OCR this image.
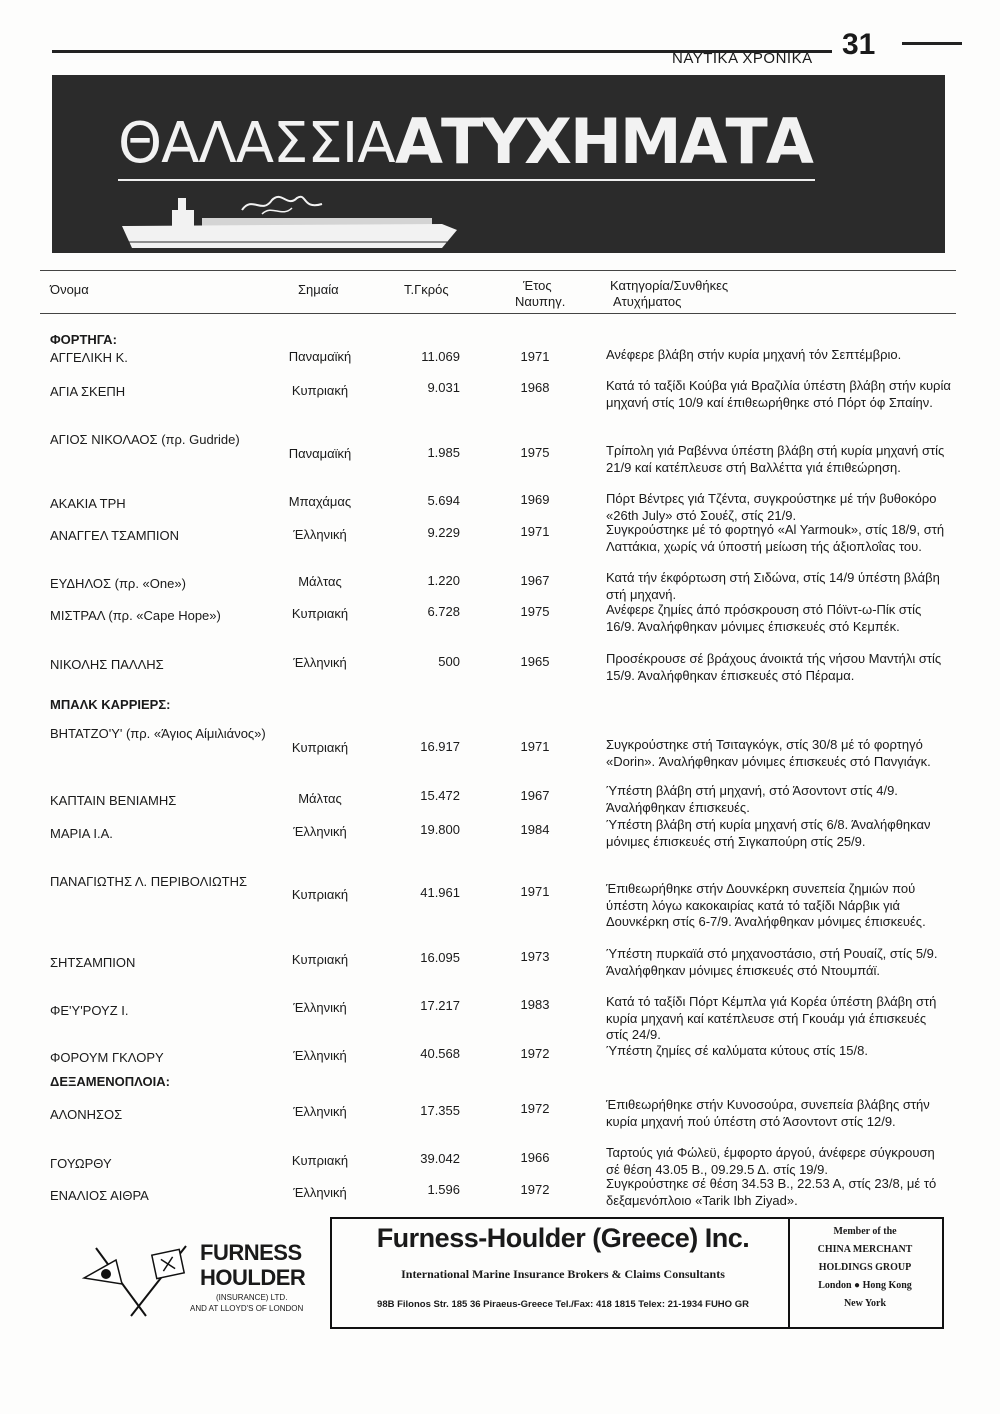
ΝΑΥΤΙΚΑ ΧΡΟΝΙΚΑ 31
ΘΑΛΑΣΣΙΑ ΑΤΥΧΗΜΑΤΑ
Όνομα	Σημαία	Τ.Γκρός	Έτος
Ναυπηγ.
Κατηγορία/Συνθήκες
Ατυχήματος
ΦΟΡΤΗΓΑ:
ΜΠΑΛΚ ΚΑΡΡΙΕΡΣ:
ΔΕΞΑΜΕΝΟΠΛΟΙΑ:
ΑΓΓΕΛΙΚΗ Κ.	Παναμαϊκή	11.069	1971	Ανέφερε βλάβη στήν κυρία μηχανή τόν Σεπτέμβριο.
ΑΓΙΑ ΣΚΕΠΗ	Κυπριακή	9.031	1968	Κατά τό ταξίδι Κούβα γιά Βραζιλία ύπέστη βλάβη στήν κυρία μηχανή στίς 10/9 καί έπιθεωρήθηκε στό Πόρτ όφ Σπαίην.
ΑΓΙΟΣ ΝΙΚΟΛΑΟΣ (πρ. Gudride)
Παναμαϊκή	1.985	1975	Τρίπολη γιά Ραβέννα ύπέστη βλάβη στή κυρία μηχανή στίς 21/9 καί κατέπλευσε στή Βαλλέττα γιά έπιθεώρηση.
ΑΚΑΚΙΑ ΤΡΗ	Μπαχάμας	5.694	1969	Πόρτ Βέντρες γιά Τζέντα, συγκρούστηκε μέ τήν βυθοκόρο «26th July» στό Σουέζ, στίς 21/9.
ΑΝΑΓΓΕΛ ΤΣΑΜΠΙΟΝ	Έλληνική	9.229	1971	Συγκρούστηκε μέ τό φορτηγό «Al Yarmouk», στίς 18/9, στή Λαττάκια, χωρίς νά ύποστή μείωση τής άξιοπλοΐας του.
ΕΥΔΗΛΟΣ (πρ. «One»)	Μάλτας	1.220	1967	Κατά τήν έκφόρτωση στή Σιδώνα, στίς 14/9 ύπέστη βλάβη στή μηχανή.
ΜΙΣΤΡΑΛ (πρ. «Cape Hope»)	Κυπριακή	6.728	1975	Ανέφερε ζημίες άπό πρόσκρουση στό Πόϊντ-ω-Πίκ στίς 16/9. Άναλήφθηκαν μόνιμες έπισκευές στό Κεμπέκ.
ΝΙΚΟΛΗΣ ΠΑΛΛΗΣ	Έλληνική	500	1965	Προσέκρουσε σέ βράχους άνοικτά τής νήσου Μαντήλι στίς 15/9. Άναλήφθηκαν έπισκευές στό Πέραμα.
ΒΗΤΑΤΖΟ'Υ' (πρ. «Άγιος Αίμιλιάνος»)
Κυπριακή	16.917	1971	Συγκρούστηκε στή Τσιταγκόγκ, στίς 30/8 μέ τό φορτηγό «Dorin». Άναλήφθηκαν μόνιμες έπισκευές στό Πανγιάγκ.
ΚΑΠΤΑΙΝ ΒΕΝΙΑΜΗΣ	Μάλτας	15.472	1967	Ύπέστη βλάβη στή μηχανή, στό Άσοντοντ στίς 4/9. Άναλήφθηκαν έπισκευές.
ΜΑΡΙΑ Ι.Α.	Έλληνική	19.800	1984	Ύπέστη βλάβη στή κυρία μηχανή στίς 6/8. Άναλήφθηκαν μόνιμες έπισκευές στή Σιγκαπούρη στίς 25/9.
ΠΑΝΑΓΙΩΤΗΣ Λ. ΠΕΡΙΒΟΛΙΩΤΗΣ
Κυπριακή	41.961	1971	Έπιθεωρήθηκε στήν Δουνκέρκη συνεπεία ζημιών πού ύπέστη λόγω κακοκαιρίας κατά τό ταξίδι Νάρβικ γιά Δουνκέρκη στίς 6-7/9. Άναλήφθηκαν μόνιμες έπισκευές.
ΣΗΤΣΑΜΠΙΟΝ	Κυπριακή	16.095	1973	Ύπέστη πυρκαϊά στό μηχανοστάσιο, στή Ρουαίζ, στίς 5/9. Άναλήφθηκαν μόνιμες έπισκευές στό Ντουμπάϊ.
ΦΕ'Υ'ΡΟΥΖ Ι.	Έλληνική	17.217	1983	Κατά τό ταξίδι Πόρτ Κέμπλα γιά Κορέα ύπέστη βλάβη στή κυρία μηχανή καί κατέπλευσε στή Γκουάμ γιά έπισκευές στίς 24/9.
ΦΟΡΟΥΜ ΓΚΛΟΡΥ	Έλληνική	40.568	1972	Ύπέστη ζημίες σέ καλύματα κύτους στίς 15/8.
ΑΛΟΝΗΣΟΣ	Έλληνική	17.355	1972	Έπιθεωρήθηκε στήν Κυνοσούρα, συνεπεία βλάβης στήν κυρία μηχανή πού ύπέστη στό Άσοντοντ στίς 12/9.
ΓΟΥΩΡΘΥ	Κυπριακή	39.042	1966	Ταρτούς γιά Φώλεϋ, έμφορτο άργού, άνέφερε σύγκρουση σέ θέση 43.05 Β., 09.29.5 Δ. στίς 19/9.
ΕΝΑΛΙΟΣ ΑΙΘΡΑ	Έλληνική	1.596	1972	Συγκρούστηκε σέ θέση 34.53 Β., 22.53 Α, στίς 23/8, μέ τό δεξαμενόπλοιο «Tarik Ibh Ziyad».
FURNESS
HOULDER
(INSURANCE) LTD.
AND AT LLOYD'S OF LONDON
Furness-Houlder (Greece) Inc.
International Marine Insurance Brokers & Claims Consultants
98B Filonos Str. 185 36 Piraeus-Greece Tel./Fax: 418 1815 Telex: 21-1934 FUHO GR
Member of the
CHINA MERCHANT
HOLDINGS GROUP
London ● Hong Kong
New York
